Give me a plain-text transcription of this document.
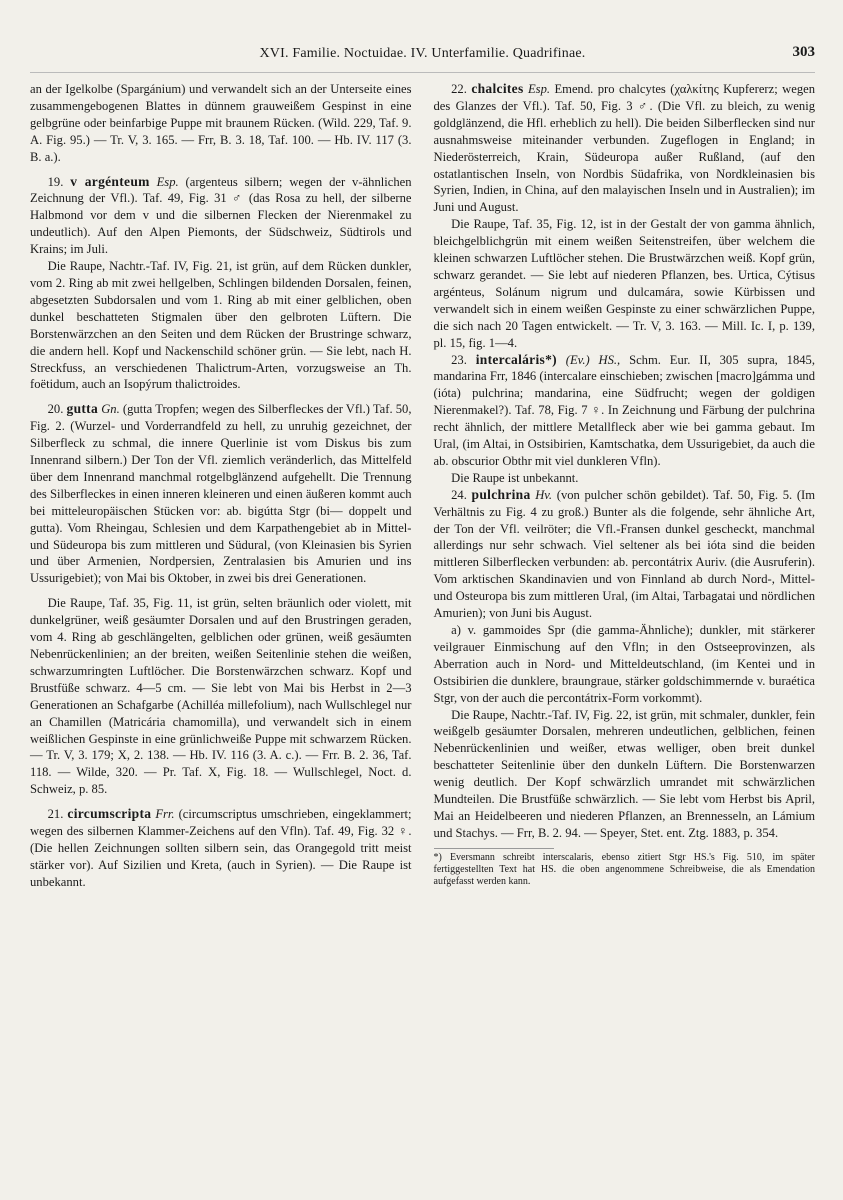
XVI. Familie. Noctuidae. IV. Unterfamilie. Quadrifinae.	303

an der Igelkolbe (Spargánium) und verwandelt sich an der Unterseite eines zusammengebogenen Blattes in dünnem grauweißem Gespinst in eine gelbgrüne oder beinfarbige Puppe mit braunem Rücken. (Wild. 229, Taf. 9. A. Fig. 95.) — Tr. V, 3. 165. — Frr, B. 3. 18, Taf. 100. — Hb. IV. 117 (3. B. a.).

19. v argénteum Esp. (argenteus silbern; wegen der v-ähnlichen Zeichnung der Vfl.). Taf. 49, Fig. 31 ♂ (das Rosa zu hell, der silberne Halbmond vor dem v und die silbernen Flecken der Nierenmakel zu undeutlich). Auf den Alpen Piemonts, der Südschweiz, Südtirols und Krains; im Juli.

Die Raupe, Nachtr.-Taf. IV, Fig. 21, ist grün, auf dem Rücken dunkler, vom 2. Ring ab mit zwei hellgelben, Schlingen bildenden Dorsalen, feinen, abgesetzten Subdorsalen und vom 1. Ring ab mit einer gelblichen, oben dunkel beschatteten Stigmalen über den gelbroten Lüftern. Die Borstenwärzchen an den Seiten und dem Rücken der Brustringe schwarz, die andern hell. Kopf und Nackenschild schöner grün. — Sie lebt, nach H. Streckfuss, an verschiedenen Thalictrum-Arten, vorzugsweise an Th. foëtidum, auch an Isopýrum thalictroides.

20. gutta Gn. (gutta Tropfen; wegen des Silberfleckes der Vfl.) Taf. 50, Fig. 2. (Wurzel- und Vorderrandfeld zu hell, zu unruhig gezeichnet, der Silberfleck zu schmal, die innere Querlinie ist vom Diskus bis zum Innenrand silbern.) Der Ton der Vfl. ziemlich veränderlich, das Mittelfeld über dem Innenrand manchmal rotgelbglänzend aufgehellt. Die Trennung des Silberfleckes in einen inneren kleineren und einen äußeren kommt auch bei mitteleuropäischen Stücken vor: ab. bigútta Stgr (bi— doppelt und gutta). Vom Rheingau, Schlesien und dem Karpathengebiet ab in Mittel- und Südeuropa bis zum mittleren und Südural, (von Kleinasien bis Syrien und über Armenien, Nordpersien, Zentralasien bis Amurien und ins Ussurigebiet); von Mai bis Oktober, in zwei bis drei Generationen.

Die Raupe, Taf. 35, Fig. 11, ist grün, selten bräunlich oder violett, mit dunkelgrüner, weiß gesäumter Dorsalen und auf den Brustringen geraden, vom 4. Ring ab geschlängelten, gelblichen oder grünen, weiß gesäumten Nebenrückenlinien; an der breiten, weißen Seitenlinie stehen die weißen, schwarzumringten Luftlöcher. Die Borstenwärzchen schwarz. Kopf und Brustfüße schwarz. 4—5 cm. — Sie lebt von Mai bis Herbst in 2—3 Generationen an Schafgarbe (Achilléa millefolium), nach Wullschlegel nur an Chamillen (Matricária chamomilla), und verwandelt sich in einem weißlichen Gespinste in eine grünlichweiße Puppe mit schwarzem Rücken. — Tr. V, 3. 179; X, 2. 138. — Hb. IV. 116 (3. A. c.). — Frr. B. 2. 36, Taf. 118. — Wilde, 320. — Pr. Taf. X, Fig. 18. — Wullschlegel, Noct. d. Schweiz, p. 85.

21. circumscripta Frr. (circumscriptus umschrieben, eingeklammert; wegen des silbernen Klammer-Zeichens auf den Vfln). Taf. 49, Fig. 32 ♀. (Die hellen Zeichnungen sollten silbern sein, das Orangegold tritt meist stärker vor). Auf Sizilien und Kreta, (auch in Syrien). — Die Raupe ist unbekannt.

22. chalcites Esp. Emend. pro chalcytes (χαλκίτης Kupfererz; wegen des Glanzes der Vfl.). Taf. 50, Fig. 3 ♂. (Die Vfl. zu bleich, zu wenig goldglänzend, die Hfl. erheblich zu hell). Die beiden Silberflecken sind nur ausnahmsweise miteinander verbunden. Zugeflogen in England; in Niederösterreich, Krain, Südeuropa außer Rußland, (auf den ostatlantischen Inseln, von Nordbis Südafrika, von Nordkleinasien bis Syrien, Indien, in China, auf den malayischen Inseln und in Australien); im Juni und August.

Die Raupe, Taf. 35, Fig. 12, ist in der Gestalt der von gamma ähnlich, bleichgelblichgrün mit einem weißen Seitenstreifen, über welchem die kleinen schwarzen Luftlöcher stehen. Die Brustwärzchen weiß. Kopf grün, schwarz gerandet. — Sie lebt auf niederen Pflanzen, bes. Urtica, Cýtisus argénteus, Solánum nigrum und dulcamára, sowie Kürbissen und verwandelt sich in einem weißen Gespinste zu einer schwärzlichen Puppe, die sich nach 20 Tagen entwickelt. — Tr. V, 3. 163. — Mill. Ic. I, p. 139, pl. 15, fig. 1—4.

23. intercaláris*) (Ev.) HS., Schm. Eur. II, 305 supra, 1845, mandarina Frr, 1846 (intercalare einschieben; zwischen [macro]gámma und (ióta) pulchrina; mandarina, eine Südfrucht; wegen der goldigen Nierenmakel?). Taf. 78, Fig. 7 ♀. In Zeichnung und Färbung der pulchrina recht ähnlich, der mittlere Metallfleck aber wie bei gamma gebaut. Im Ural, (im Altai, in Ostsibirien, Kamtschatka, dem Ussurigebiet, da auch die ab. obscurior Obthr mit viel dunkleren Vfln).

Die Raupe ist unbekannt.

24. pulchrina Hv. (von pulcher schön gebildet). Taf. 50, Fig. 5. (Im Verhältnis zu Fig. 4 zu groß.) Bunter als die folgende, sehr ähnliche Art, der Ton der Vfl. veilröter; die Vfl.-Fransen dunkel gescheckt, manchmal allerdings nur sehr schwach. Viel seltener als bei ióta sind die beiden mittleren Silberflecken verbunden: ab. percontátrix Auriv. (die Ausruferin). Vom arktischen Skandinavien und von Finnland ab durch Nord-, Mittel- und Osteuropa bis zum mittleren Ural, (im Altai, Tarbagatai und nördlichen Amurien); von Juni bis August.

a) v. gammoides Spr (die gamma-Ähnliche); dunkler, mit stärkerer veilgrauer Einmischung auf den Vfln; in den Ostseeprovinzen, als Aberration auch in Nord- und Mitteldeutschland, (im Kentei und in Ostsibirien die dunklere, braungraue, stärker goldschimmernde v. buraética Stgr, von der auch die percontátrix-Form vorkommt).

Die Raupe, Nachtr.-Taf. IV, Fig. 22, ist grün, mit schmaler, dunkler, fein weißgelb gesäumter Dorsalen, mehreren undeutlichen, gelblichen, feinen Nebenrückenlinien und weißer, etwas welliger, oben breit dunkel beschatteter Seitenlinie über den dunkeln Lüftern. Die Borstenwarzen wenig deutlich. Der Kopf schwärzlich umrandet mit schwärzlichen Mundteilen. Die Brustfüße schwärzlich. — Sie lebt vom Herbst bis April, Mai an Heidelbeeren und niederen Pflanzen, an Brennesseln, an Lámium und Stachys. — Frr, B. 2. 94. — Speyer, Stet. ent. Ztg. 1883, p. 354.

*) Eversmann schreibt interscalaris, ebenso zitiert Stgr HS.'s Fig. 510, im später fertiggestellten Text hat HS. die oben angenommene Schreibweise, die als Emendation aufgefasst werden kann.
